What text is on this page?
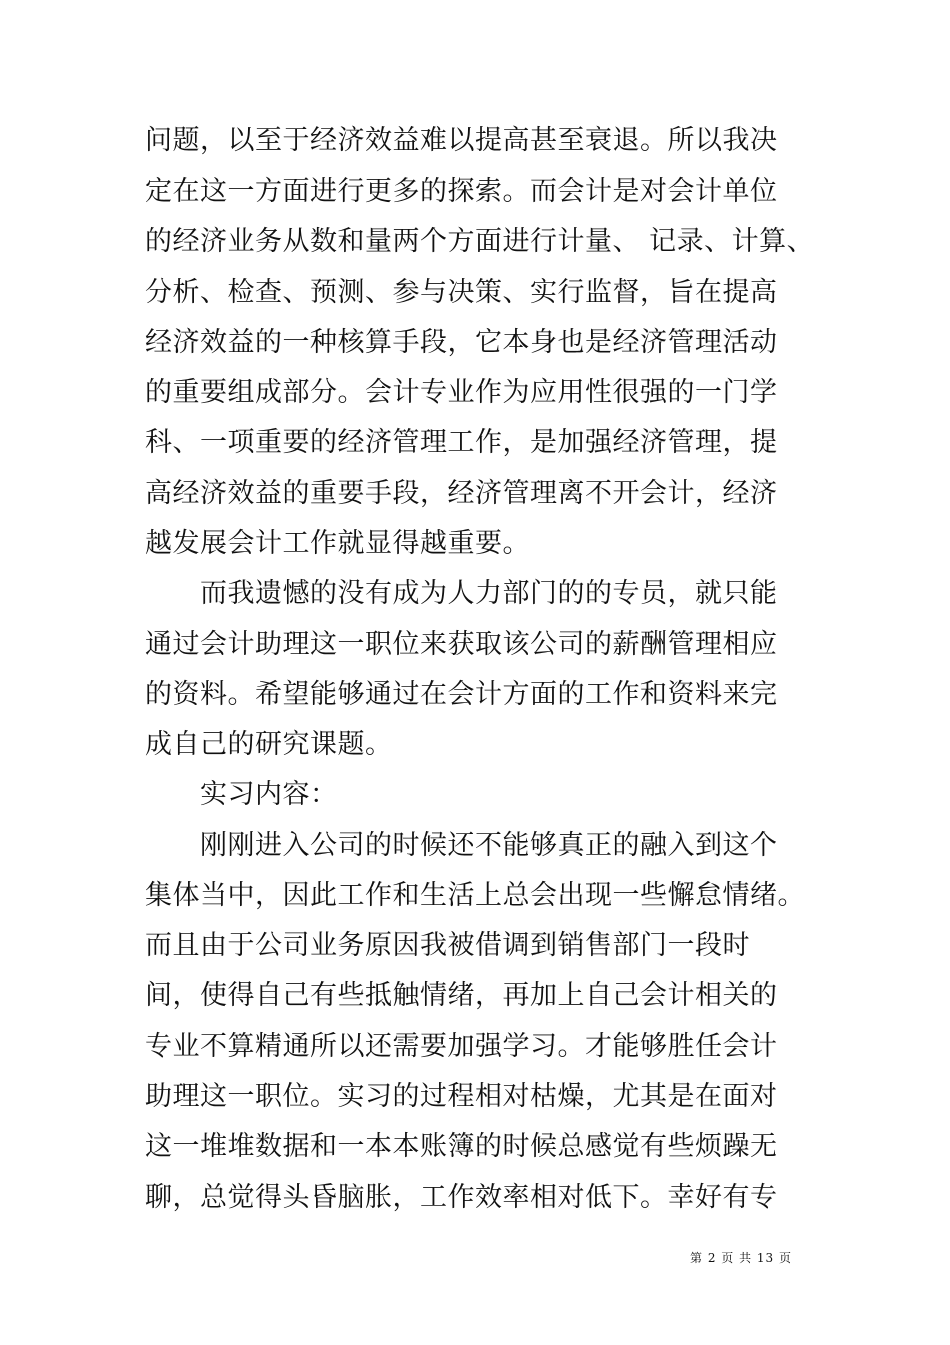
问题，以至于经济效益难以提高甚至衰退。所以我决
定在这一方面进行更多的探索。而会计是对会计单位
的经济业务从数和量两个方面进行计量、 记录、计算、
分析、检查、预测、参与决策、实行监督，旨在提高
经济效益的一种核算手段，它本身也是经济管理活动
的重要组成部分。会计专业作为应用性很强的一门学
科、一项重要的经济管理工作，是加强经济管理，提
高经济效益的重要手段，经济管理离不开会计，经济
越发展会计工作就显得越重要。
而我遗憾的没有成为人力部门的的专员，就只能
通过会计助理这一职位来获取该公司的薪酬管理相应
的资料。希望能够通过在会计方面的工作和资料来完
成自己的研究课题。
实习内容：
刚刚进入公司的时候还不能够真正的融入到这个
集体当中，因此工作和生活上总会出现一些懈怠情绪。
而且由于公司业务原因我被借调到销售部门一段时
间，使得自己有些抵触情绪，再加上自己会计相关的
专业不算精通所以还需要加强学习。才能够胜任会计
助理这一职位。实习的过程相对枯燥，尤其是在面对
这一堆堆数据和一本本账簿的时候总感觉有些烦躁无
聊，总觉得头昏脑胀，工作效率相对低下。幸好有专
第 2 页 共 13 页
